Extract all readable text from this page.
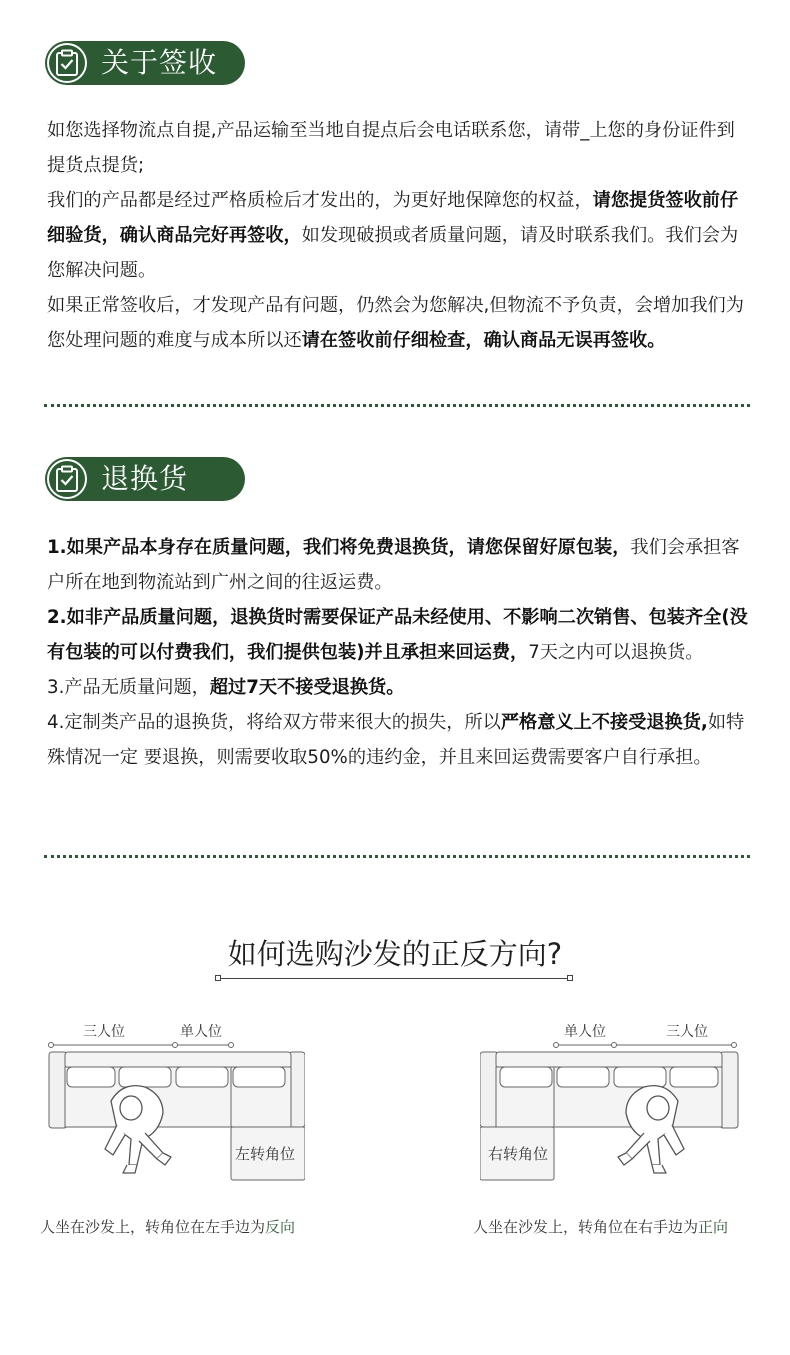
关于签收

如您选择物流点自提,产品运输至当地自提点后会电话联系您，请带_上您的身份证件到提货点提货;

我们的产品都是经过严格质检后才发出的，为更好地保障您的权益，请您提货签收前仔细验货，确认商品完好再签收，如发现破损或者质量问题，请及时联系我们。我们会为您解决问题。

如果正常签收后，才发现产品有问题，仍然会为您解决,但物流不予负责，会增加我们为您处理问题的难度与成本所以还请在签收前仔细检查，确认商品无误再签收。

退换货

1.如果产品本身存在质量问题，我们将免费退换货，请您保留好原包装，我们会承担客户所在地到物流站到广州之间的往返运费。

2.如非产品质量问题，退换货时需要保证产品未经使用、不影响二次销售、包装齐全(没有包装的可以付费我们，我们提供包装)并且承担来回运费，7天之内可以退换货。

3.产品无质量问题，超过7天不接受退换货。

4.定制类产品的退换货，将给双方带来很大的损失，所以严格意义上不接受退换货,如特殊情况一定 要退换，则需要收取50%的违约金，并且来回运费需要客户自行承担。

如何选购沙发的正反方向?
三人位	单人位
左转角位
人坐在沙发上，转角位在左手边为反向
单人位	三人位
右转角位
人坐在沙发上，转角位在右手边为正向
